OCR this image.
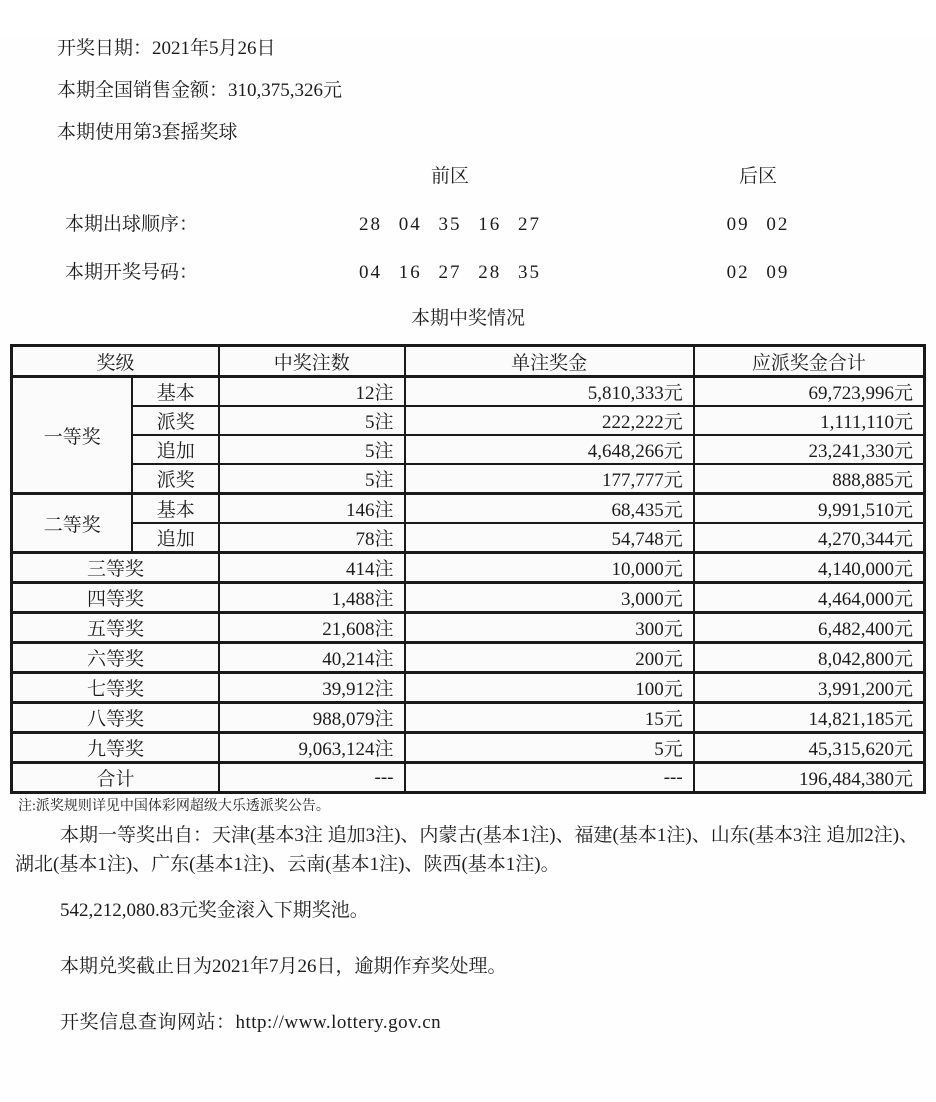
开奖日期：2021年5月26日

本期全国销售金额：310,375,326元

本期使用第3套摇奖球

前区	后区
本期出球顺序：	28 04 35 16 27	09 02
本期开奖号码：	04 16 27 28 35	02 09
本期中奖情况
奖级		中奖注数	单注奖金	应派奖金合计
一等奖	基本	12注	5,810,333元	69,723,996元
	派奖	5注	222,222元	1,111,110元
	追加	5注	4,648,266元	23,241,330元
	派奖	5注	177,777元	888,885元
二等奖	基本	146注	68,435元	9,991,510元
	追加	78注	54,748元	4,270,344元
三等奖		414注	10,000元	4,140,000元
四等奖		1,488注	3,000元	4,464,000元
五等奖		21,608注	300元	6,482,400元
六等奖		40,214注	200元	8,042,800元
七等奖		39,912注	100元	3,991,200元
八等奖		988,079注	15元	14,821,185元
九等奖		9,063,124注	5元	45,315,620元
合计		---	---	196,484,380元

注:派奖规则详见中国体彩网超级大乐透派奖公告。

本期一等奖出自：天津(基本3注 追加3注)、内蒙古(基本1注)、福建(基本1注)、山东(基本3注 追加2注)、湖北(基本1注)、广东(基本1注)、云南(基本1注)、陕西(基本1注)。

542,212,080.83元奖金滚入下期奖池。

本期兑奖截止日为2021年7月26日，逾期作弃奖处理。

开奖信息查询网站：http://www.lottery.gov.cn
